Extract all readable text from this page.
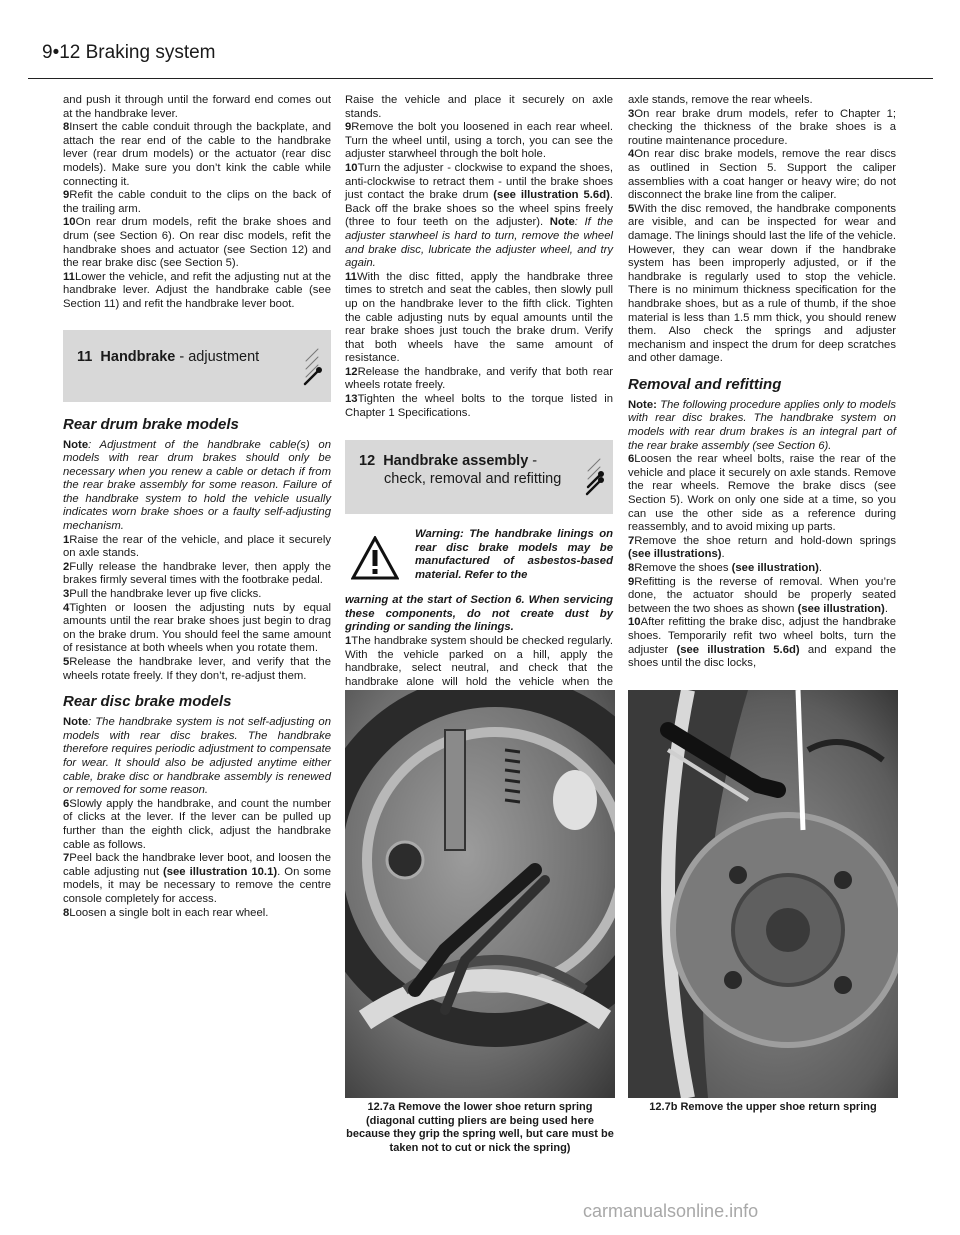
9•12 Braking system

and push it through until the forward end comes out at the handbrake lever.

8Insert the cable conduit through the backplate, and attach the rear end of the cable to the handbrake lever (rear drum models) or the actuator (rear disc models). Make sure you don’t kink the cable while connecting it.

9Refit the cable conduit to the clips on the back of the trailing arm.

10On rear drum models, refit the brake shoes and drum (see Section 6). On rear disc models, refit the handbrake shoes and actuator (see Section 12) and the rear brake disc (see Section 5).

11Lower the vehicle, and refit the adjusting nut at the handbrake lever. Adjust the handbrake cable (see Section 11) and refit the handbrake lever boot.

11 Handbrake - adjustment
Rear drum brake models

Note: Adjustment of the handbrake cable(s) on models with rear drum brakes should only be necessary when you renew a cable or detach if from the rear brake assembly for some reason. Failure of the handbrake system to hold the vehicle usually indicates worn brake shoes or a faulty self-adjusting mechanism.

1Raise the rear of the vehicle, and place it securely on axle stands.

2Fully release the handbrake lever, then apply the brakes firmly several times with the footbrake pedal.

3Pull the handbrake lever up five clicks.

4Tighten or loosen the adjusting nuts by equal amounts until the rear brake shoes just begin to drag on the brake drum. You should feel the same amount of resistance at both wheels when you rotate them.

5Release the handbrake lever, and verify that the wheels rotate freely. If they don’t, re-adjust them.

Rear disc brake models

Note: The handbrake system is not self-adjusting on models with rear disc brakes. The handbrake therefore requires periodic adjustment to compensate for wear. It should also be adjusted anytime either cable, brake disc or handbrake assembly is renewed or removed for some reason.

6Slowly apply the handbrake, and count the number of clicks at the lever. If the lever can be pulled up further than the eighth click, adjust the handbrake cable as follows.

7Peel back the handbrake lever boot, and loosen the cable adjusting nut (see illustration 10.1). On some models, it may be necessary to remove the centre console completely for access.

8Loosen a single bolt in each rear wheel.

Raise the vehicle and place it securely on axle stands.

9Remove the bolt you loosened in each rear wheel. Turn the wheel until, using a torch, you can see the adjuster starwheel through the bolt hole.

10Turn the adjuster - clockwise to expand the shoes, anti-clockwise to retract them - until the brake shoes just contact the brake drum (see illustration 5.6d). Back off the brake shoes so the wheel spins freely (three to four teeth on the adjuster). Note: If the adjuster starwheel is hard to turn, remove the wheel and brake disc, lubricate the adjuster wheel, and try again.

11With the disc fitted, apply the handbrake three times to stretch and seat the cables, then slowly pull up on the handbrake lever to the fifth click. Tighten the cable adjusting nuts by equal amounts until the rear brake shoes just touch the brake drum. Verify that both wheels have the same amount of resistance.

12Release the handbrake, and verify that both rear wheels rotate freely.

13Tighten the wheel bolts to the torque listed in Chapter 1 Specifications.

12 Handbrake assembly -
check, removal and refitting
Warning: The handbrake linings on rear disc brake models may be manufactured of asbestos-based material. Refer to the

warning at the start of Section 6. When servicing these components, do not create dust by grinding or sanding the linings.

1The handbrake system should be checked regularly. With the vehicle parked on a hill, apply the handbrake, select neutral, and check that the handbrake alone will hold the vehicle when the

axle stands, remove the rear wheels.

3On rear brake drum models, refer to Chapter 1; checking the thickness of the brake shoes is a routine maintenance procedure.

4On rear disc brake models, remove the rear discs as outlined in Section 5. Support the caliper assemblies with a coat hanger or heavy wire; do not disconnect the brake line from the caliper.

5With the disc removed, the handbrake components are visible, and can be inspected for wear and damage. The linings should last the life of the vehicle. However, they can wear down if the handbrake system has been improperly adjusted, or if the handbrake is regularly used to stop the vehicle. There is no minimum thickness specification for the handbrake shoes, but as a rule of thumb, if the shoe material is less than 1.5 mm thick, you should renew them. Also check the springs and adjuster mechanism and inspect the drum for deep scratches and other damage.

Removal and refitting

Note: The following procedure applies only to models with rear disc brakes. The handbrake system on models with rear drum brakes is an integral part of the rear brake assembly (see Section 6).

6Loosen the rear wheel bolts, raise the rear of the vehicle and place it securely on axle stands. Remove the rear wheels. Remove the brake discs (see Section 5). Work on only one side at a time, so you can use the other side as a reference during reassembly, and to avoid mixing up parts.

7Remove the shoe return and hold-down springs (see illustrations).

8Remove the shoes (see illustration).

9Refitting is the reverse of removal. When you’re done, the actuator should be properly seated between the two shoes as shown (see illustration).

10After refitting the brake disc, adjust the handbrake shoes. Temporarily refit two wheel bolts, turn the adjuster (see illustration 5.6d) and expand the shoes until the disc locks,

12.7a Remove the lower shoe return spring (diagonal cutting pliers are being used here because they grip the spring well, but care must be taken not to cut or nick the spring)
12.7b Remove the upper shoe return spring
carmanualsonline.info
